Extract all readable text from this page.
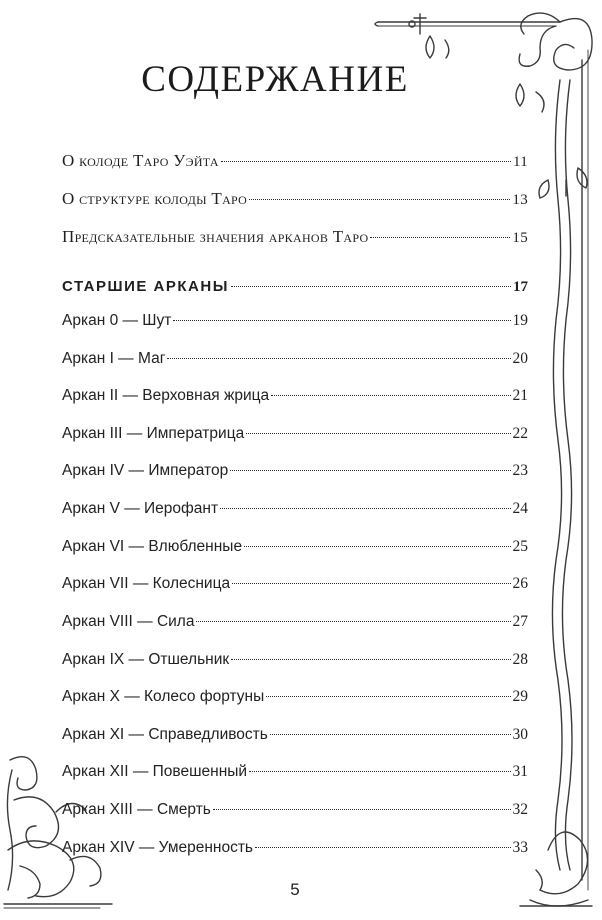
СОДЕРЖАНИЕ
О колоде Таро Уэйта	11
О структуре колоды Таро	13
Предсказательные значения арканов Таро	15
СТАРШИЕ АРКАНЫ	17
Аркан 0 — Шут	19
Аркан I — Маг	20
Аркан II — Верховная жрица	21
Аркан III — Императрица	22
Аркан IV — Император	23
Аркан V — Иерофант	24
Аркан VI — Влюбленные	25
Аркан VII — Колесница	26
Аркан VIII — Сила	27
Аркан IX — Отшельник	28
Аркан X — Колесо фортуны	29
Аркан XI — Справедливость	30
Аркан XII — Повешенный	31
Аркан XIII — Смерть	32
Аркан XIV — Умеренность	33
5
